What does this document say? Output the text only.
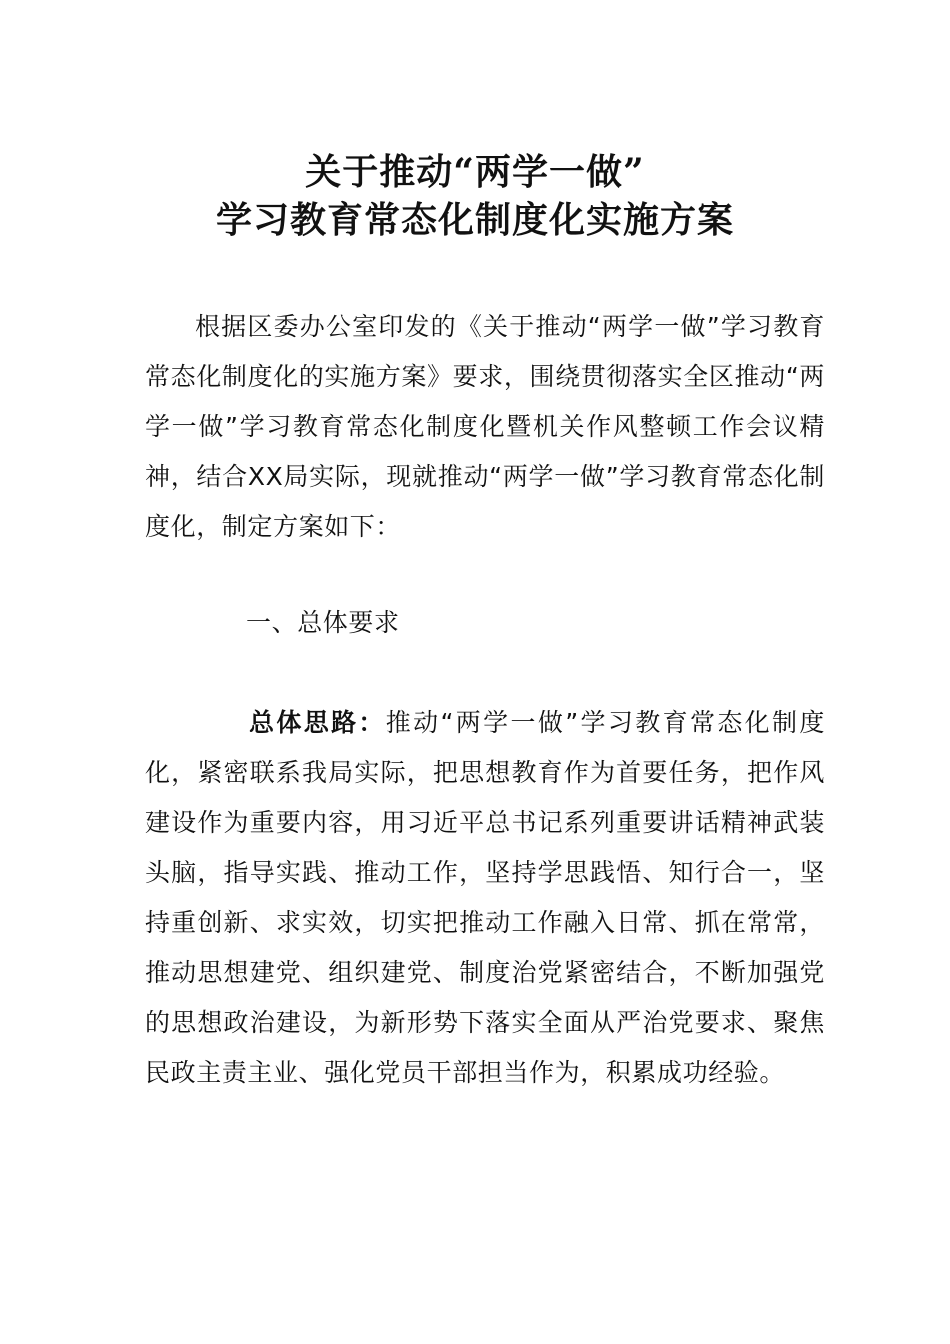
关于推动“两学一做”
学习教育常态化制度化实施方案

根据区委办公室印发的《关于推动“两学一做”学习教育常态化制度化的实施方案》要求，围绕贯彻落实全区推动“两学一做”学习教育常态化制度化暨机关作风整顿工作会议精神，结合XX局实际，现就推动“两学一做”学习教育常态化制度化，制定方案如下：

一、总体要求

总体思路：推动“两学一做”学习教育常态化制度化，紧密联系我局实际，把思想教育作为首要任务，把作风建设作为重要内容，用习近平总书记系列重要讲话精神武装头脑，指导实践、推动工作，坚持学思践悟、知行合一，坚持重创新、求实效，切实把推动工作融入日常、抓在常常，推动思想建党、组织建党、制度治党紧密结合，不断加强党的思想政治建设，为新形势下落实全面从严治党要求、聚焦民政主责主业、强化党员干部担当作为，积累成功经验。
